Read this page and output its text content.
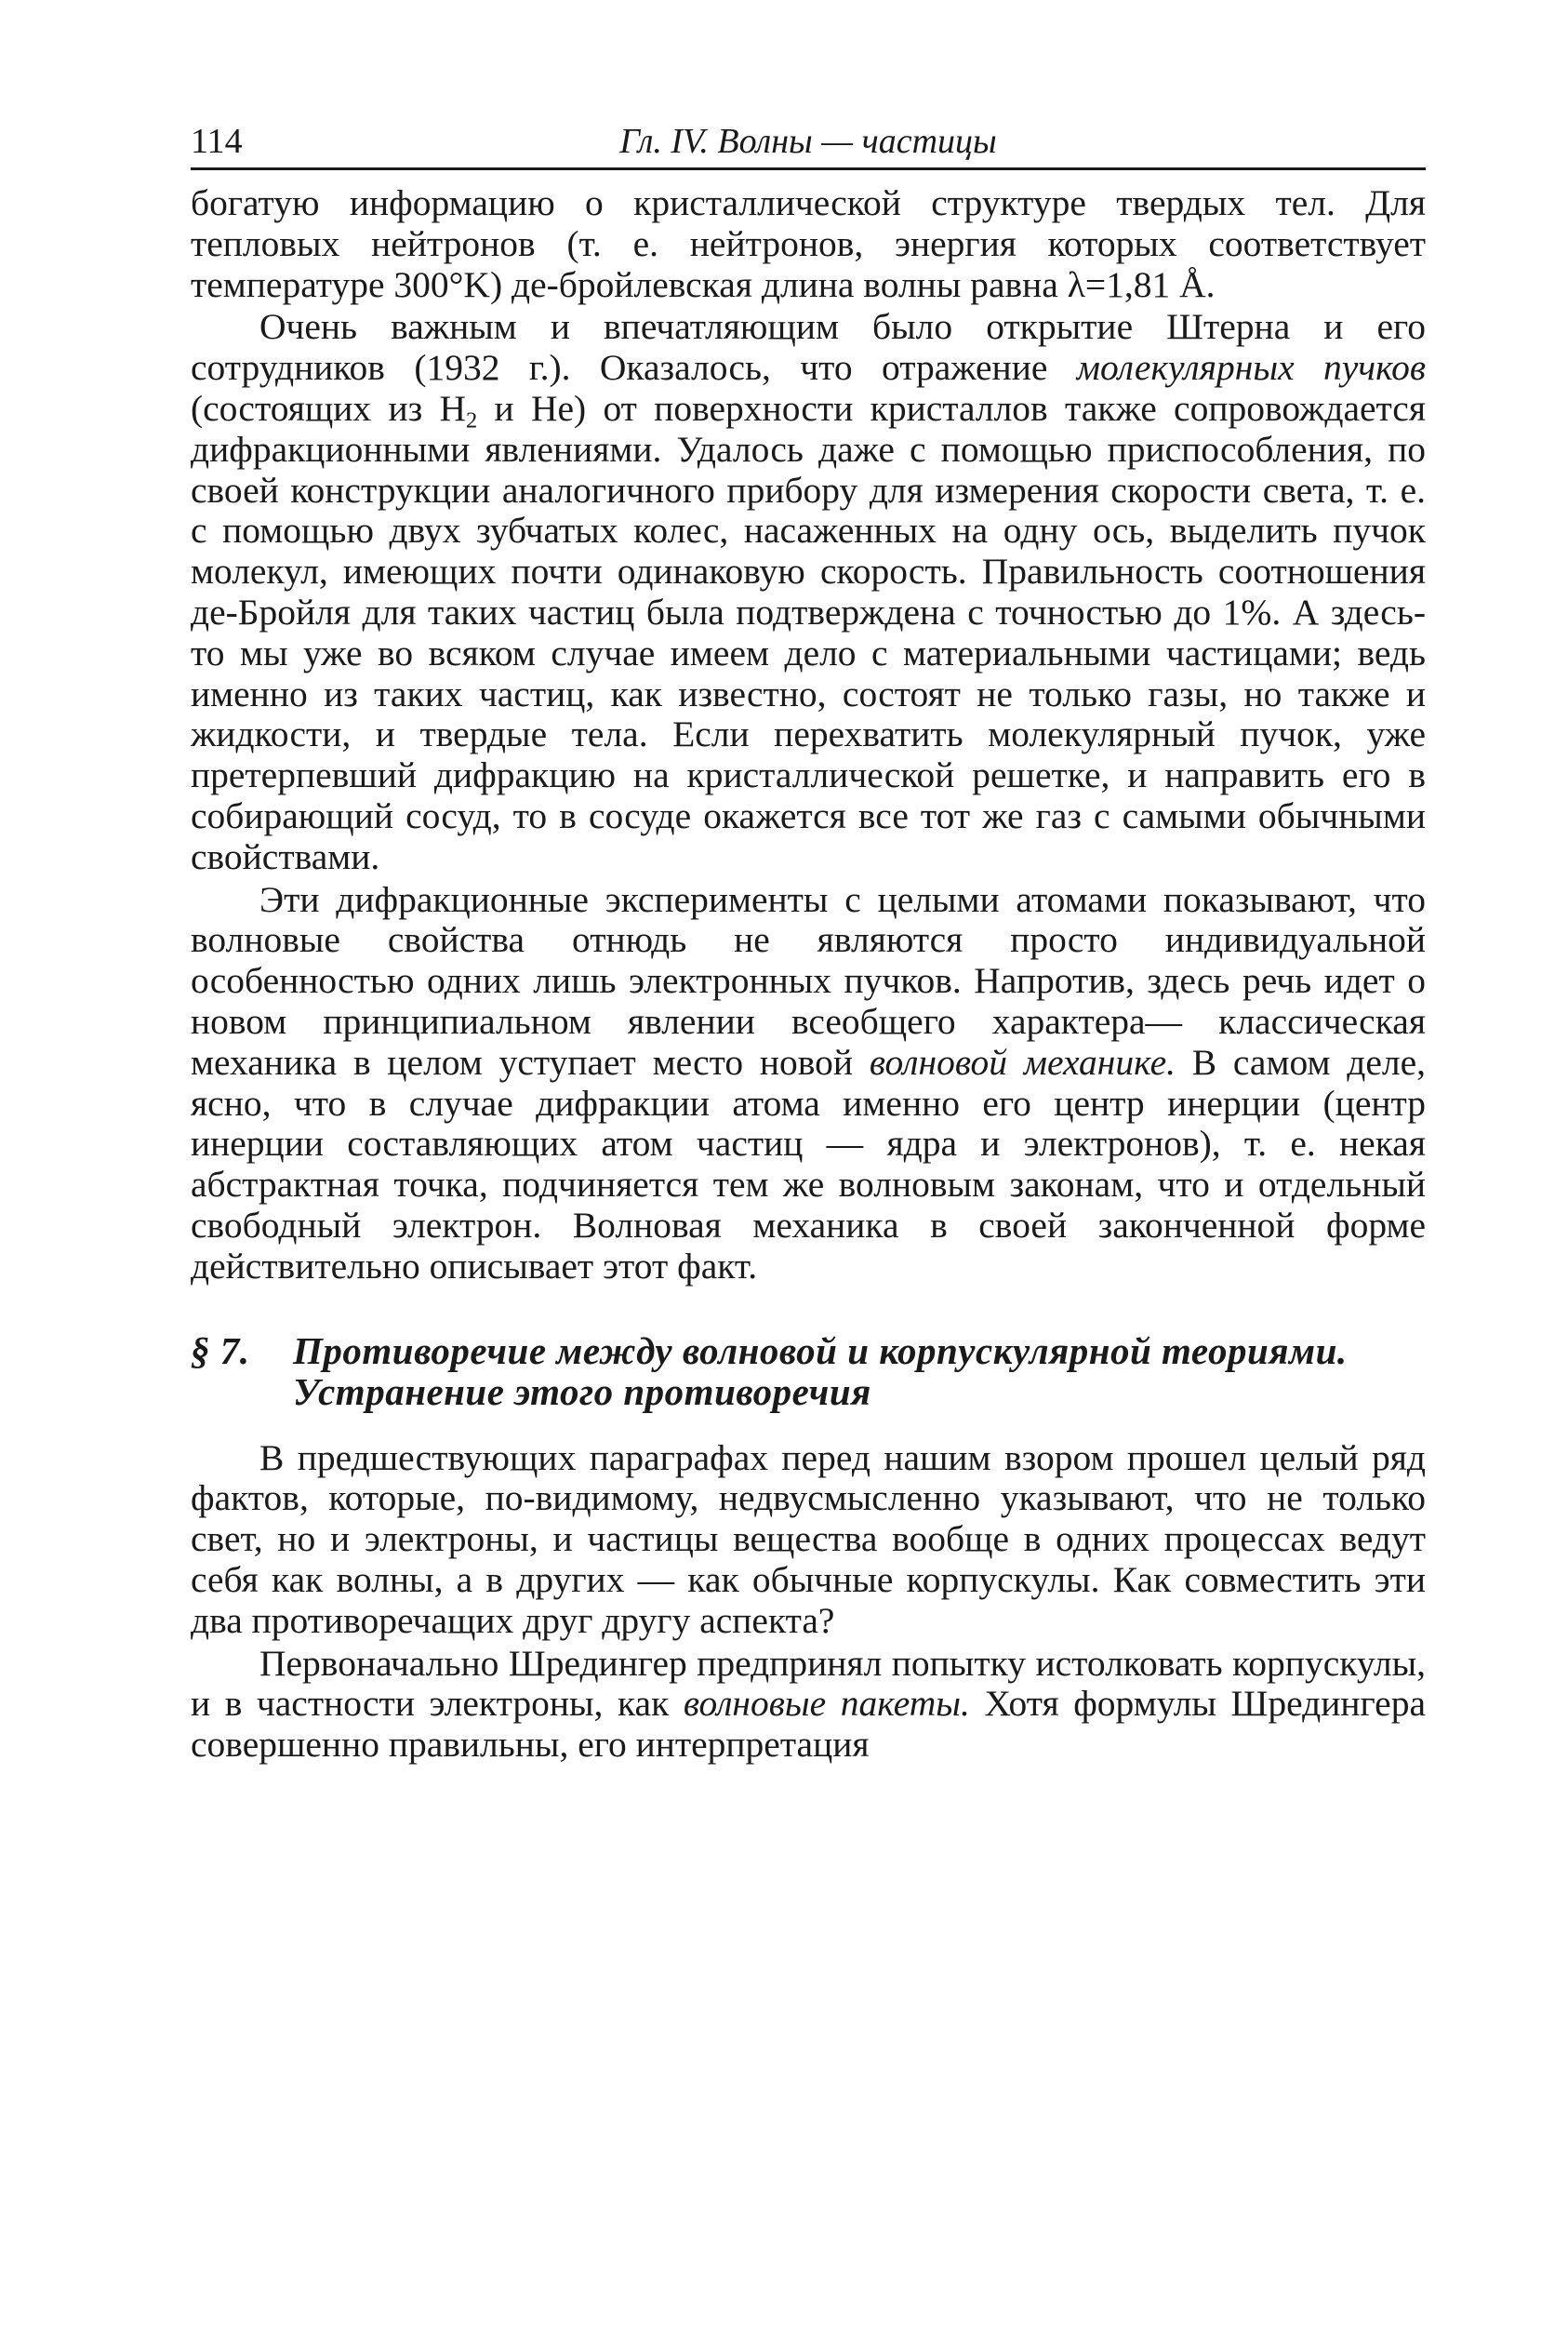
114	Гл. IV. Волны — частицы

богатую информацию о кристаллической структуре твердых тел. Для тепловых нейтронов (т. е. нейтронов, энергия которых соответствует температуре 300°K) де-бройлевская длина волны равна λ=1,81 Å.

Очень важным и впечатляющим было открытие Штерна и его сотрудников (1932 г.). Оказалось, что отражение молекулярных пучков (состоящих из $H_2$ и He) от поверхности кристаллов также сопровождается дифракционными явлениями. Удалось даже с помощью приспособления, по своей конструкции аналогичного прибору для измерения скорости света, т. е. с помощью двух зубчатых колес, насаженных на одну ось, выделить пучок молекул, имеющих почти одинаковую скорость. Правильность соотношения де-Бройля для таких частиц была подтверждена с точностью до 1%. А здесь-то мы уже во всяком случае имеем дело с материальными частицами; ведь именно из таких частиц, как известно, состоят не только газы, но также и жидкости, и твердые тела. Если перехватить молекулярный пучок, уже претерпевший дифракцию на кристаллической решетке, и направить его в собирающий сосуд, то в сосуде окажется все тот же газ с самыми обычными свойствами.

Эти дифракционные эксперименты с целыми атомами показывают, что волновые свойства отнюдь не являются просто индивидуальной особенностью одних лишь электронных пучков. Напротив, здесь речь идет о новом принципиальном явлении всеобщего характера— классическая механика в целом уступает место новой волновой механике. В самом деле, ясно, что в случае дифракции атома именно его центр инерции (центр инерции составляющих атом частиц — ядра и электронов), т. е. некая абстрактная точка, подчиняется тем же волновым законам, что и отдельный свободный электрон. Волновая механика в своей законченной форме действительно описывает этот факт.

§ 7. Противоречие между волновой и корпускулярной теориями. Устранение этого противоречия

В предшествующих параграфах перед нашим взором прошел целый ряд фактов, которые, по-видимому, недвусмысленно указывают, что не только свет, но и электроны, и частицы вещества вообще в одних процессах ведут себя как волны, а в других — как обычные корпускулы. Как совместить эти два противоречащих друг другу аспекта?

Первоначально Шредингер предпринял попытку истолковать корпускулы, и в частности электроны, как волновые пакеты. Хотя формулы Шредингера совершенно правильны, его интерпретация
